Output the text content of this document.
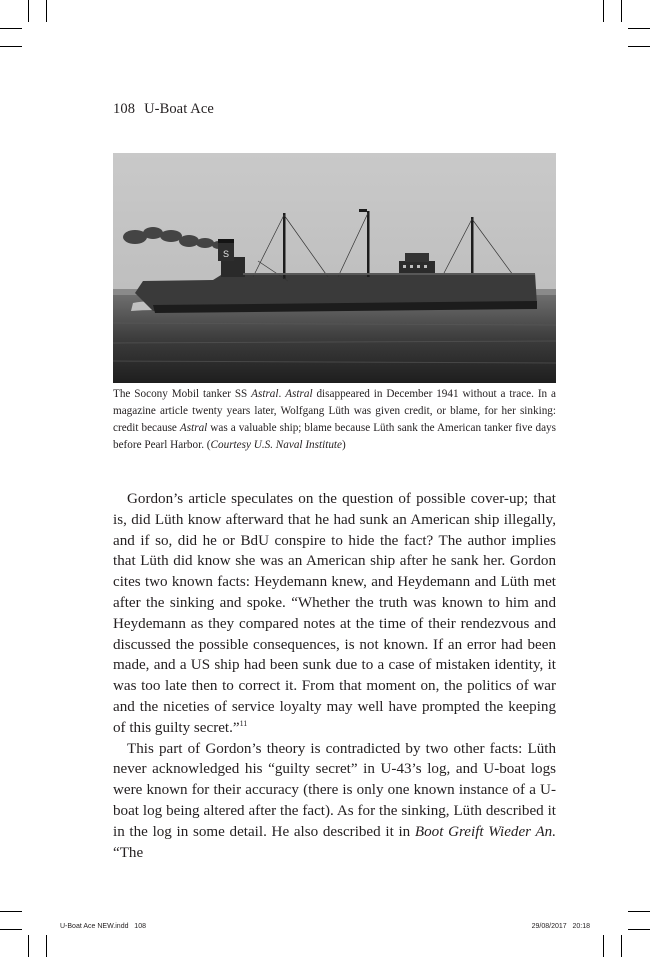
108 U-Boat Ace
S

The Socony Mobil tanker SS Astral. Astral disappeared in December 1941 without a trace. In a magazine article twenty years later, Wolfgang Lüth was given credit, or blame, for her sinking: credit because Astral was a valuable ship; blame because Lüth sank the American tanker five days before Pearl Harbor. (Courtesy U.S. Naval Institute)

Gordon’s article speculates on the question of possible cover-up; that is, did Lüth know afterward that he had sunk an American ship illegally, and if so, did he or BdU conspire to hide the fact? The author implies that Lüth did know she was an American ship after he sank her. Gordon cites two known facts: Heydemann knew, and Heydemann and Lüth met after the sinking and spoke. “Whether the truth was known to him and Heydemann as they compared notes at the time of their rendezvous and discussed the possible consequences, is not known. If an error had been made, and a US ship had been sunk due to a case of mistaken identity, it was too late then to correct it. From that moment on, the politics of war and the niceties of service loyalty may well have prompted the keeping of this guilty secret.”$^{11}$

This part of Gordon’s theory is contradicted by two other facts: Lüth never acknowledged his “guilty secret” in U-43’s log, and U-boat logs were known for their accuracy (there is only one known instance of a U-boat log being altered after the fact). As for the sinking, Lüth described it in the log in some detail. He also described it in Boot Greift Wieder An. “The

U-Boat Ace NEW.indd   108	29/08/2017   20:18
